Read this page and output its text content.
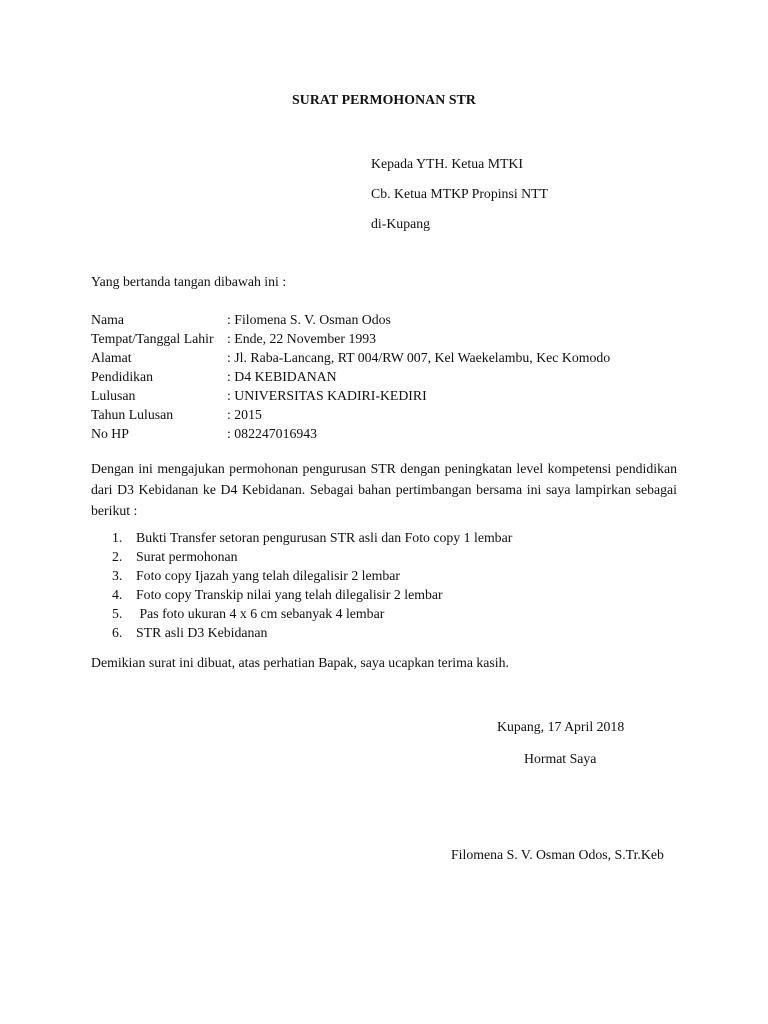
SURAT PERMOHONAN STR
Kepada YTH. Ketua MTKI
Cb. Ketua MTKP Propinsi NTT
di-Kupang
Yang bertanda tangan dibawah ini :
Nama	: Filomena S. V. Osman Odos
Tempat/Tanggal Lahir : Ende, 22 November 1993
Alamat	: Jl. Raba-Lancang, RT 004/RW 007, Kel Waekelambu, Kec Komodo
Pendidikan	: D4 KEBIDANAN
Lulusan	: UNIVERSITAS KADIRI-KEDIRI
Tahun Lulusan	: 2015
No HP	: 082247016943
Dengan ini mengajukan permohonan pengurusan STR dengan peningkatan level kompetensi pendidikan dari D3 Kebidanan ke D4 Kebidanan. Sebagai bahan pertimbangan bersama ini saya lampirkan sebagai berikut :
1. Bukti Transfer setoran pengurusan STR asli dan Foto copy 1 lembar
2. Surat permohonan
3. Foto copy Ijazah yang telah dilegalisir 2 lembar
4. Foto copy Transkip nilai yang telah dilegalisir 2 lembar
5. Pas foto ukuran 4 x 6 cm sebanyak 4 lembar
6. STR asli D3 Kebidanan
Demikian surat ini dibuat, atas perhatian Bapak, saya ucapkan terima kasih.
Kupang, 17 April 2018
Hormat Saya
Filomena S. V. Osman Odos, S.Tr.Keb
